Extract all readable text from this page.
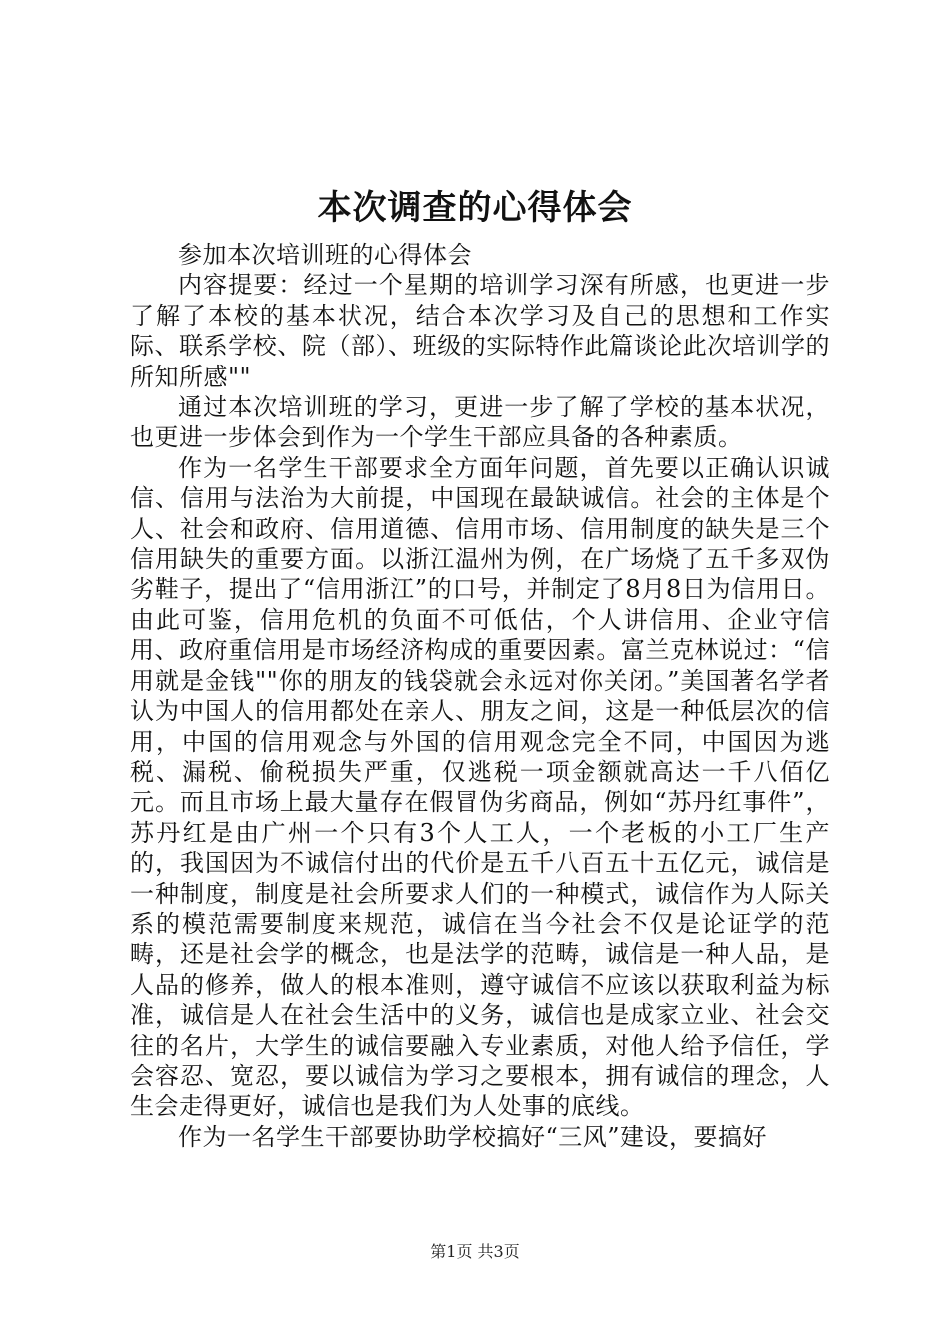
本次调查的心得体会

参加本次培训班的心得体会

内容提要：经过一个星期的培训学习深有所感，也更进一步了解了本校的基本状况，结合本次学习及自己的思想和工作实际、联系学校、院（部）、班级的实际特作此篇谈论此次培训学的所知所感""

通过本次培训班的学习，更进一步了解了学校的基本状况，也更进一步体会到作为一个学生干部应具备的各种素质。

作为一名学生干部要求全方面年问题，首先要以正确认识诚信、信用与法治为大前提，中国现在最缺诚信。社会的主体是个人、社会和政府、信用道德、信用市场、信用制度的缺失是三个信用缺失的重要方面。以浙江温州为例，在广场烧了五千多双伪劣鞋子，提出了“信用浙江”的口号，并制定了8月8日为信用日。由此可鉴，信用危机的负面不可低估，个人讲信用、企业守信用、政府重信用是市场经济构成的重要因素。富兰克林说过：“信用就是金钱""你的朋友的钱袋就会永远对你关闭。”美国著名学者认为中国人的信用都处在亲人、朋友之间，这是一种低层次的信用，中国的信用观念与外国的信用观念完全不同，中国因为逃税、漏税、偷税损失严重，仅逃税一项金额就高达一千八佰亿元。而且市场上最大量存在假冒伪劣商品，例如“苏丹红事件”，苏丹红是由广州一个只有3个人工人，一个老板的小工厂生产的，我国因为不诚信付出的代价是五千八百五十五亿元，诚信是一种制度，制度是社会所要求人们的一种模式，诚信作为人际关系的模范需要制度来规范，诚信在当今社会不仅是论证学的范畴，还是社会学的概念，也是法学的范畴，诚信是一种人品，是人品的修养，做人的根本准则，遵守诚信不应该以获取利益为标准，诚信是人在社会生活中的义务，诚信也是成家立业、社会交往的名片，大学生的诚信要融入专业素质，对他人给予信任，学会容忍、宽忍，要以诚信为学习之要根本，拥有诚信的理念，人生会走得更好，诚信也是我们为人处事的底线。

作为一名学生干部要协助学校搞好“三风”建设，要搞好

第1页 共3页
